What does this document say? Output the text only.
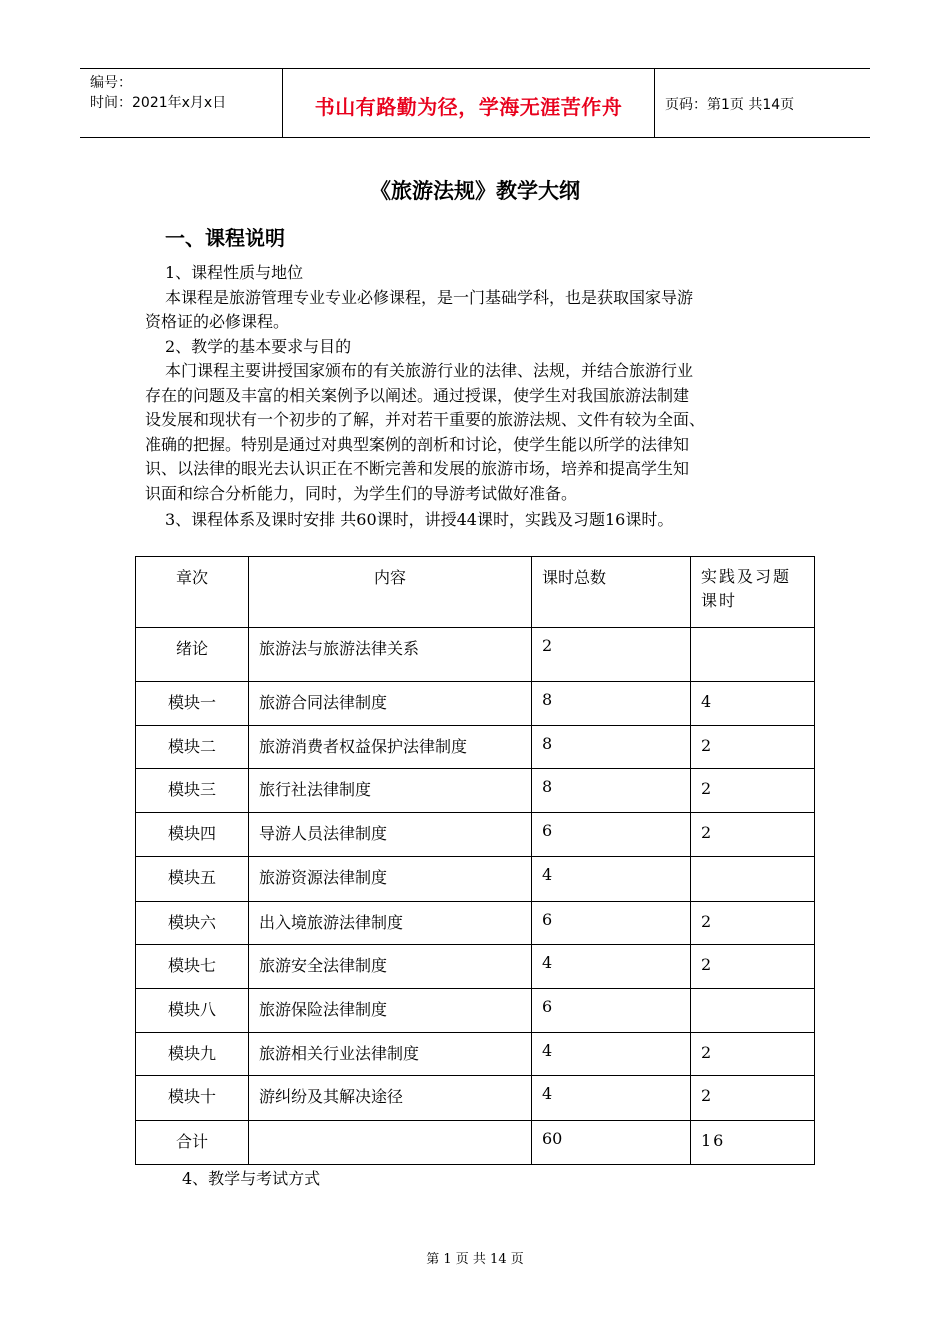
编号：
时间：2021年x月x日	书山有路勤为径，学海无涯苦作舟	页码：第1页 共14页
《旅游法规》教学大纲
一、课程说明
1、课程性质与地位
本课程是旅游管理专业专业必修课程，是一门基础学科，也是获取国家导游
资格证的必修课程。
2、教学的基本要求与目的
本门课程主要讲授国家颁布的有关旅游行业的法律、法规，并结合旅游行业
存在的问题及丰富的相关案例予以阐述。通过授课，使学生对我国旅游法制建
设发展和现状有一个初步的了解，并对若干重要的旅游法规、文件有较为全面、
准确的把握。特别是通过对典型案例的剖析和讨论，使学生能以所学的法律知
识、以法律的眼光去认识正在不断完善和发展的旅游市场，培养和提高学生知
识面和综合分析能力，同时，为学生们的导游考试做好准备。
3、课程体系及课时安排 共60课时，讲授44课时，实践及习题16课时。
章次	内容	课时总数	实践及习题课时
绪论	旅游法与旅游法律关系	2	
模块一	旅游合同法律制度	8	4
模块二	旅游消费者权益保护法律制度	8	2
模块三	旅行社法律制度	8	2
模块四	导游人员法律制度	6	2
模块五	旅游资源法律制度	4	
模块六	出入境旅游法律制度	6	2
模块七	旅游安全法律制度	4	2
模块八	旅游保险法律制度	6	
模块九	旅游相关行业法律制度	4	2
模块十	游纠纷及其解决途径	4	2
合计		60	16
4、教学与考试方式
第 1 页 共 14 页
